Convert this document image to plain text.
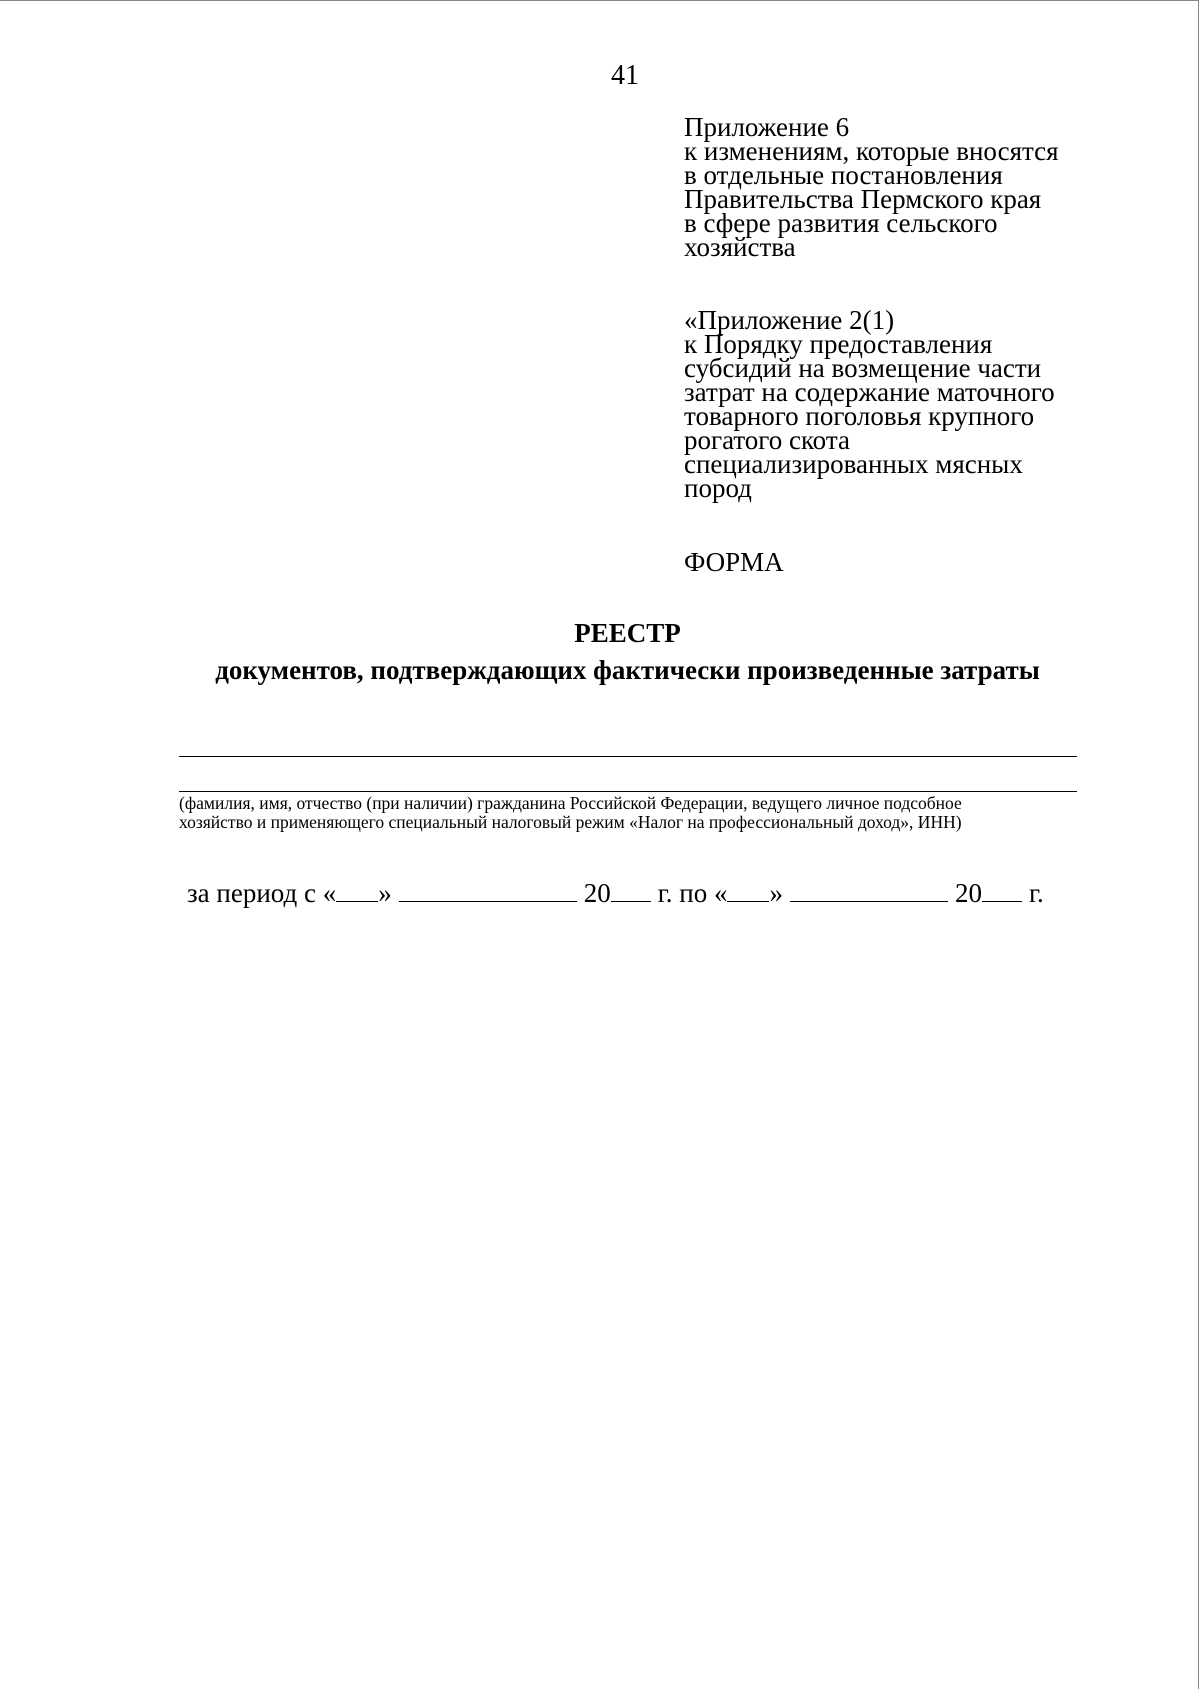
41
Приложение 6
к изменениям, которые вносятся
в отдельные постановления
Правительства Пермского края
в сфере развития сельского
хозяйства
«Приложение 2(1)
к Порядку предоставления
субсидий на возмещение части
затрат на содержание маточного
товарного поголовья крупного
рогатого скота
специализированных мясных
пород
ФОРМА
РЕЕСТР
документов, подтверждающих фактически произведенные затраты
(фамилия, имя, отчество (при наличии) гражданина Российской Федерации, ведущего личное подсобное
хозяйство и применяющего специальный налоговый режим «Налог на профессиональный доход», ИНН)
за период с « »	20 г. по « »	20 г.
